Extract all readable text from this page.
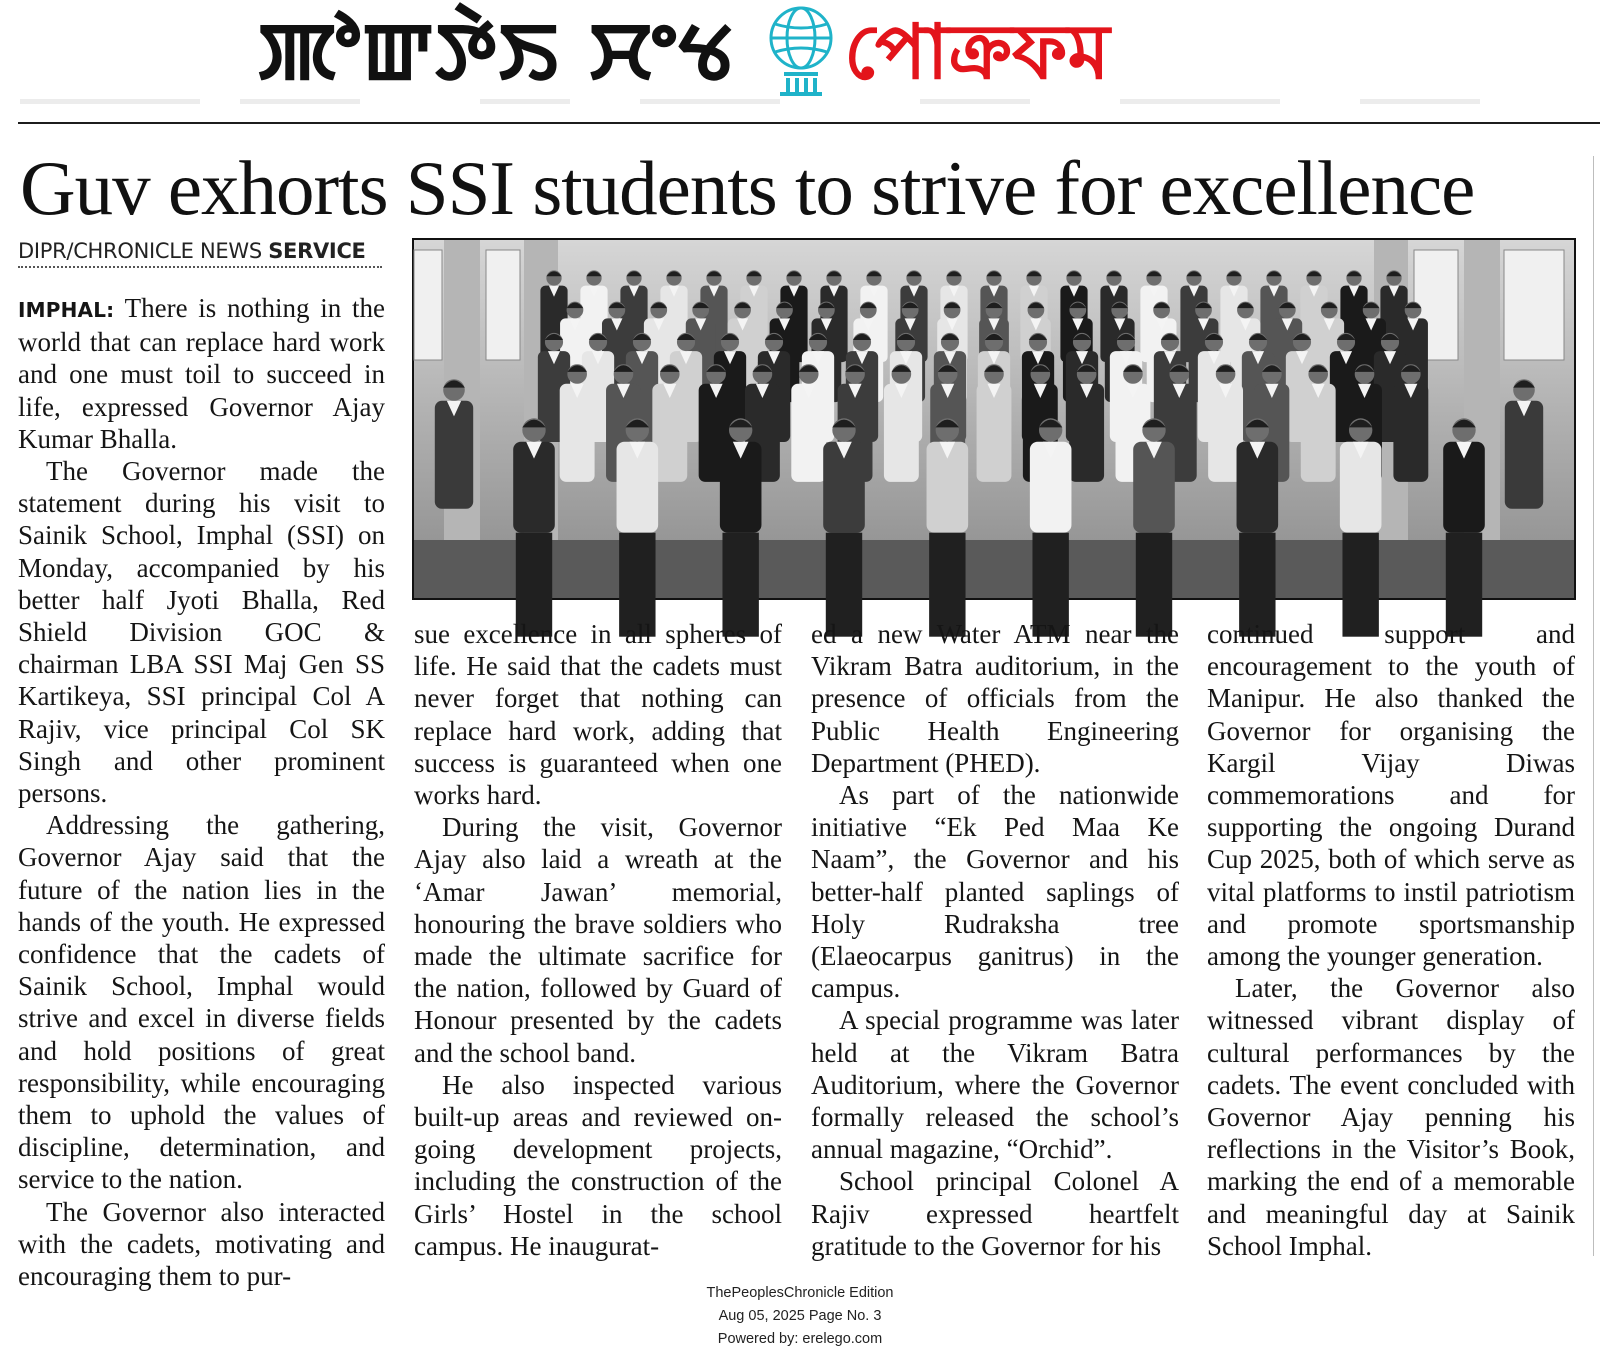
ꯄꯣꯛꯇꯥꯏ ꯆꯦꯠ পোক্ৰফম
Guv exhorts SSI students to strive for excellence
DIPR/CHRONICLE NEWS SERVICE

IMPHAL: There is nothing in the world that can replace hard work and one must toil to succeed in life, expressed Governor Ajay Kumar Bhalla.

The Governor made the statement during his visit to Sainik School, Imphal (SSI) on Monday, accompanied by his better half Jyoti Bhalla, Red Shield Division GOC & chairman LBA SSI Maj Gen SS Kartikeya, SSI principal Col A Rajiv, vice principal Col SK Singh and other prominent persons.

Addressing the gathering, Governor Ajay said that the future of the nation lies in the hands of the youth. He expressed confidence that the cadets of Sainik School, Imphal would strive and excel in diverse fields and hold positions of great responsibility, while encouraging them to uphold the values of discipline, determination, and service to the nation.

The Governor also interacted with the cadets, motivating and encouraging them to pur-

sue excellence in all spheres of life. He said that the cadets must never forget that nothing can replace hard work, adding that success is guaranteed when one works hard.

During the visit, Governor Ajay also laid a wreath at the ‘Amar Jawan’ memorial, honouring the brave soldiers who made the ultimate sacrifice for the nation, followed by Guard of Honour presented by the cadets and the school band.

He also inspected various built-up areas and reviewed on-going development projects, including the construction of the Girls’ Hostel in the school campus. He inaugurat-

ed a new Water ATM near the Vikram Batra auditorium, in the presence of officials from the Public Health Engineering Department (PHED).

As part of the nationwide initiative “Ek Ped Maa Ke Naam”, the Governor and his better-half planted saplings of Holy Rudraksha tree (Elaeocarpus ganitrus) in the campus.

A special programme was later held at the Vikram Batra Auditorium, where the Governor formally released the school’s annual magazine, “Orchid”.

School principal Colonel A Rajiv expressed heartfelt gratitude to the Governor for his

continued support and encouragement to the youth of Manipur. He also thanked the Governor for organising the Kargil Vijay Diwas commemorations and for supporting the ongoing Durand Cup 2025, both of which serve as vital platforms to instil patriotism and promote sportsmanship among the younger generation.

Later, the Governor also witnessed vibrant display of cultural performances by the cadets. The event concluded with Governor Ajay penning his reflections in the Visitor’s Book, marking the end of a memorable and meaningful day at Sainik School Imphal.

ThePeoplesChronicle Edition
Aug 05, 2025 Page No. 3
Powered by: erelego.com
